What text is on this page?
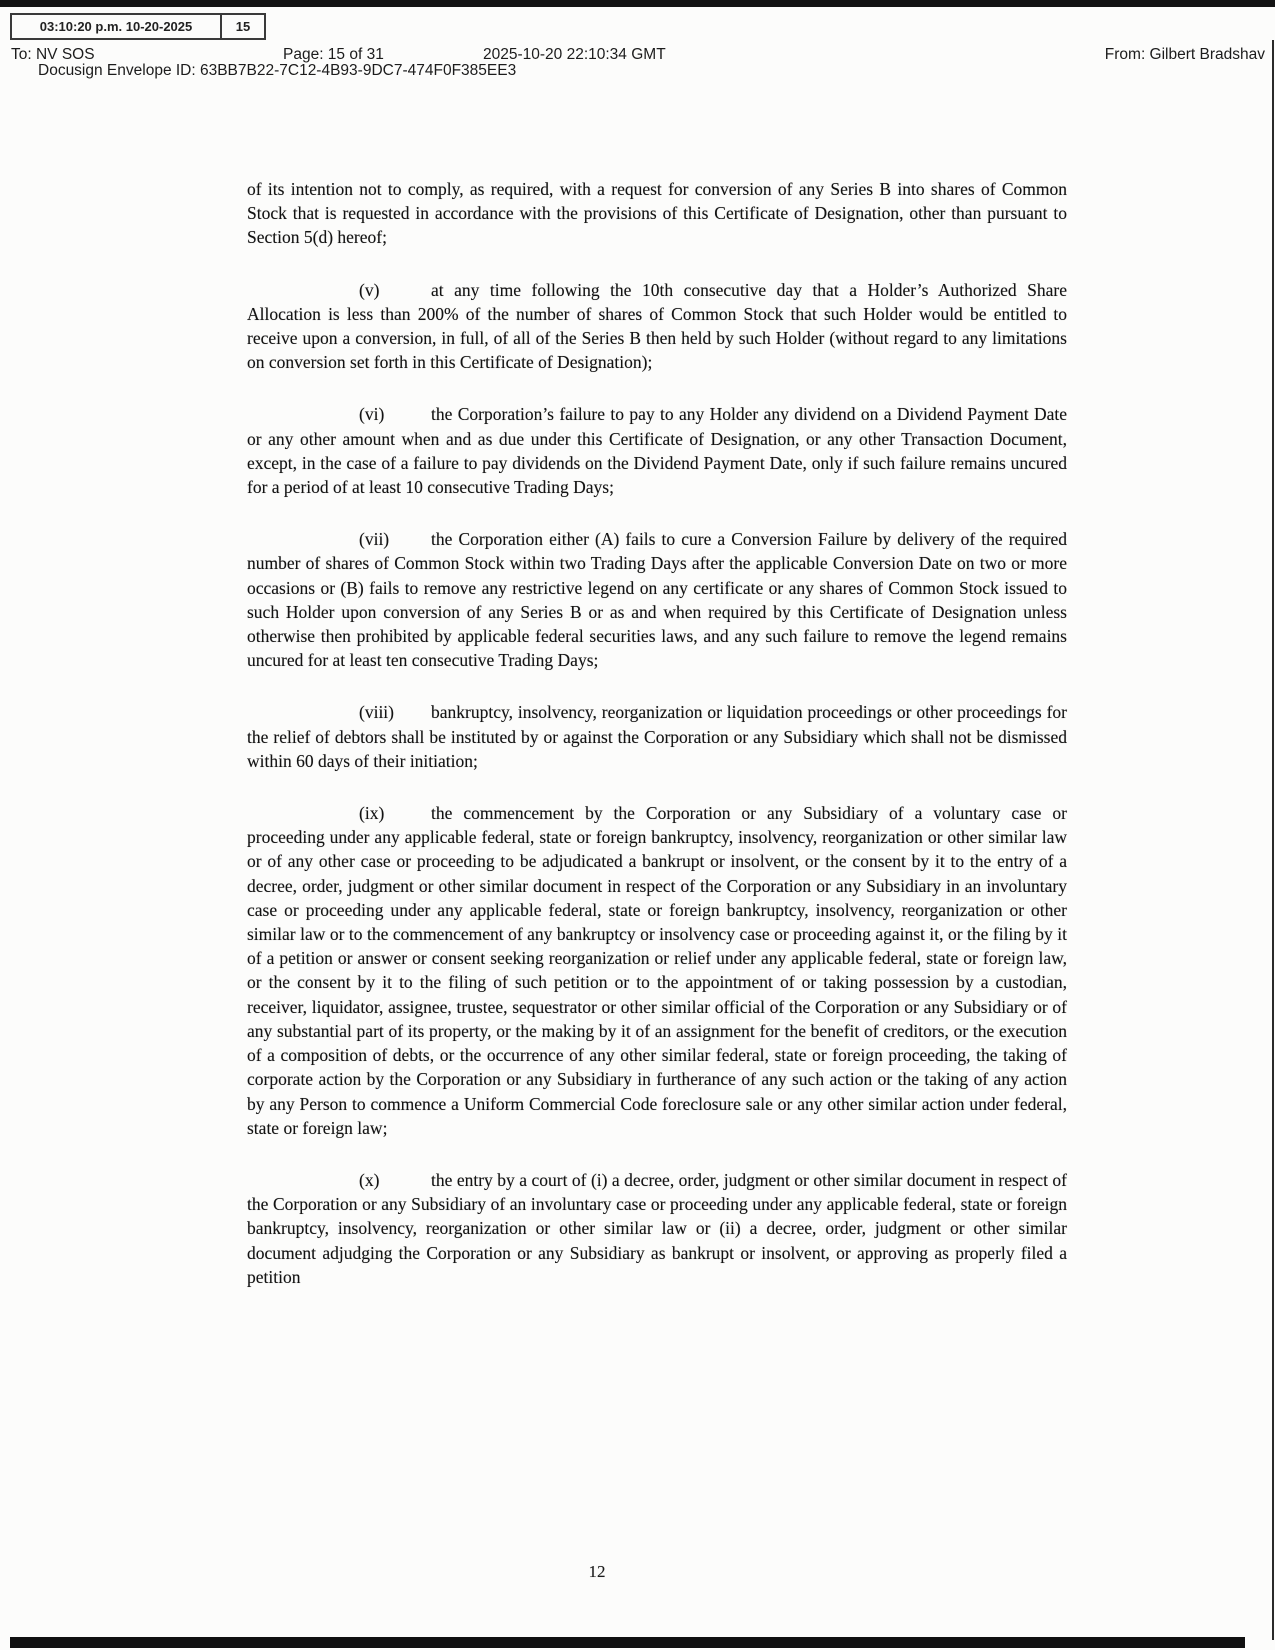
03:10:20 p.m. 10-20-2025	15
To: NV SOS	Page: 15 of 31	2025-10-20 22:10:34 GMT	From: Gilbert Bradshav
Docusign Envelope ID: 63BB7B22-7C12-4B93-9DC7-474F0F385EE3

of its intention not to comply, as required, with a request for conversion of any Series B into shares of Common Stock that is requested in accordance with the provisions of this Certificate of Designation, other than pursuant to Section 5(d) hereof;

(v)	at any time following the 10th consecutive day that a Holder’s Authorized Share Allocation is less than 200% of the number of shares of Common Stock that such Holder would be entitled to receive upon a conversion, in full, of all of the Series B then held by such Holder (without regard to any limitations on conversion set forth in this Certificate of Designation);

(vi)	the Corporation’s failure to pay to any Holder any dividend on a Dividend Payment Date or any other amount when and as due under this Certificate of Designation, or any other Transaction Document, except, in the case of a failure to pay dividends on the Dividend Payment Date, only if such failure remains uncured for a period of at least 10 consecutive Trading Days;

(vii) the Corporation either (A) fails to cure a Conversion Failure by delivery of the required number of shares of Common Stock within two Trading Days after the applicable Conversion Date on two or more occasions or (B) fails to remove any restrictive legend on any certificate or any shares of Common Stock issued to such Holder upon conversion of any Series B or as and when required by this Certificate of Designation unless otherwise then prohibited by applicable federal securities laws, and any such failure to remove the legend remains uncured for at least ten consecutive Trading Days;

(viii) bankruptcy, insolvency, reorganization or liquidation proceedings or other proceedings for the relief of debtors shall be instituted by or against the Corporation or any Subsidiary which shall not be dismissed within 60 days of their initiation;

(ix)	the commencement by the Corporation or any Subsidiary of a voluntary case or proceeding under any applicable federal, state or foreign bankruptcy, insolvency, reorganization or other similar law or of any other case or proceeding to be adjudicated a bankrupt or insolvent, or the consent by it to the entry of a decree, order, judgment or other similar document in respect of the Corporation or any Subsidiary in an involuntary case or proceeding under any applicable federal, state or foreign bankruptcy, insolvency, reorganization or other similar law or to the commencement of any bankruptcy or insolvency case or proceeding against it, or the filing by it of a petition or answer or consent seeking reorganization or relief under any applicable federal, state or foreign law, or the consent by it to the filing of such petition or to the appointment of or taking possession by a custodian, receiver, liquidator, assignee, trustee, sequestrator or other similar official of the Corporation or any Subsidiary or of any substantial part of its property, or the making by it of an assignment for the benefit of creditors, or the execution of a composition of debts, or the occurrence of any other similar federal, state or foreign proceeding, the taking of corporate action by the Corporation or any Subsidiary in furtherance of any such action or the taking of any action by any Person to commence a Uniform Commercial Code foreclosure sale or any other similar action under federal, state or foreign law;

(x)	the entry by a court of (i) a decree, order, judgment or other similar document in respect of the Corporation or any Subsidiary of an involuntary case or proceeding under any applicable federal, state or foreign bankruptcy, insolvency, reorganization or other similar law or (ii) a decree, order, judgment or other similar document adjudging the Corporation or any Subsidiary as bankrupt or insolvent, or approving as properly filed a petition

12
